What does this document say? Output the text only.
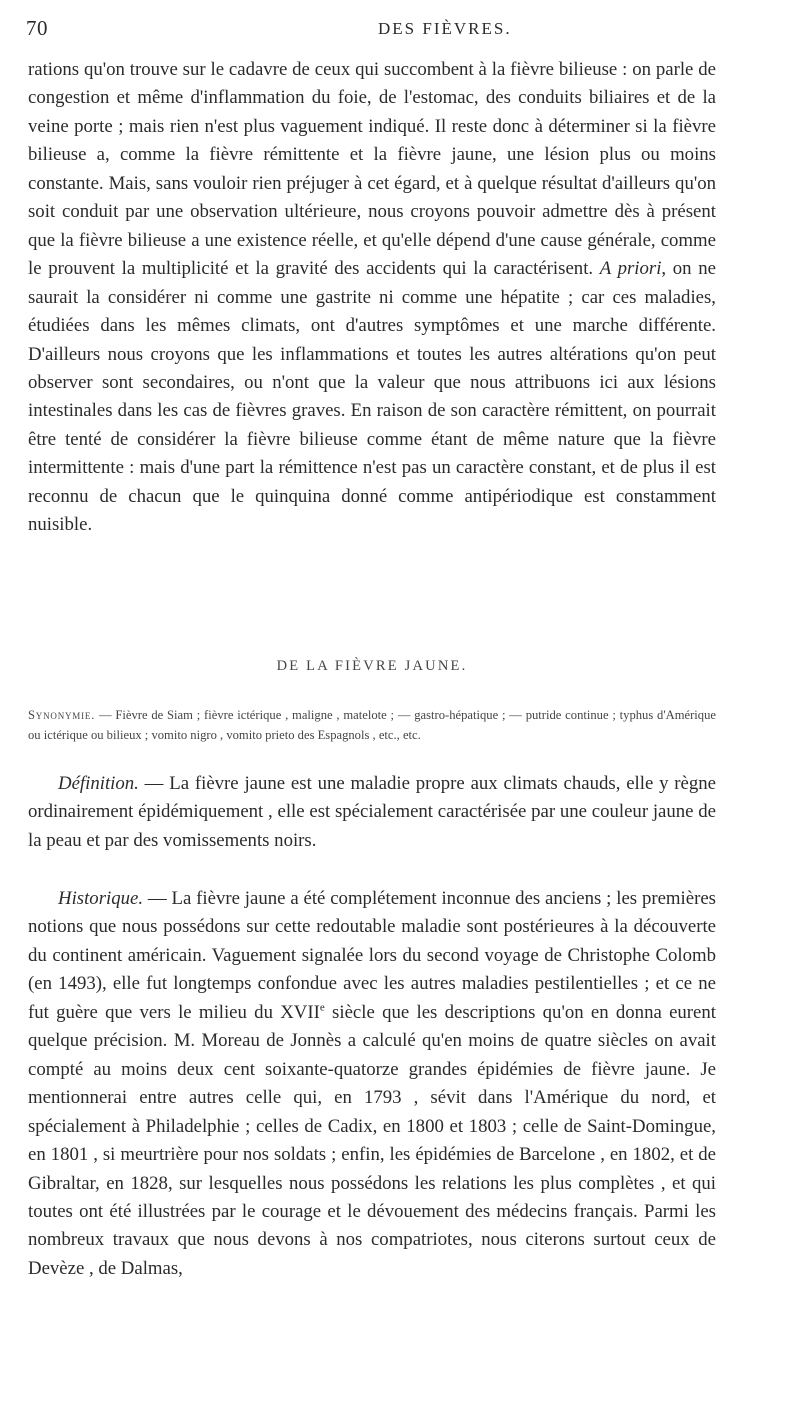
70	DES FIÈVRES.

rations qu'on trouve sur le cadavre de ceux qui succombent à la fièvre bilieuse : on parle de congestion et même d'inflammation du foie, de l'estomac, des conduits biliaires et de la veine porte ; mais rien n'est plus vaguement indiqué. Il reste donc à déterminer si la fièvre bilieuse a, comme la fièvre rémittente et la fièvre jaune, une lésion plus ou moins constante. Mais, sans vouloir rien préjuger à cet égard, et à quelque résultat d'ailleurs qu'on soit conduit par une observation ultérieure, nous croyons pouvoir admettre dès à présent que la fièvre bilieuse a une existence réelle, et qu'elle dépend d'une cause générale, comme le prouvent la multiplicité et la gravité des accidents qui la caractérisent. A priori, on ne saurait la considérer ni comme une gastrite ni comme une hépatite ; car ces maladies, étudiées dans les mêmes climats, ont d'autres symptômes et une marche différente. D'ailleurs nous croyons que les inflammations et toutes les autres altérations qu'on peut observer sont secondaires, ou n'ont que la valeur que nous attribuons ici aux lésions intestinales dans les cas de fièvres graves. En raison de son caractère rémittent, on pourrait être tenté de considérer la fièvre bilieuse comme étant de même nature que la fièvre intermittente : mais d'une part la rémittence n'est pas un caractère constant, et de plus il est reconnu de chacun que le quinquina donné comme antipériodique est constamment nuisible.

DE LA FIÈVRE JAUNE.
Synonymie. — Fièvre de Siam ; fièvre ictérique , maligne , matelote ; — gastro-hépatique ; — putride continue ; typhus d'Amérique ou ictérique ou bilieux ; vomito nigro , vomito prieto des Espagnols , etc., etc.

Définition. — La fièvre jaune est une maladie propre aux climats chauds, elle y règne ordinairement épidémiquement , elle est spécialement caractérisée par une couleur jaune de la peau et par des vomissements noirs.

Historique. — La fièvre jaune a été complétement inconnue des anciens ; les premières notions que nous possédons sur cette redoutable maladie sont postérieures à la découverte du continent américain. Vaguement signalée lors du second voyage de Christophe Colomb (en 1493), elle fut longtemps confondue avec les autres maladies pestilentielles ; et ce ne fut guère que vers le milieu du XVIIe siècle que les descriptions qu'on en donna eurent quelque précision. M. Moreau de Jonnès a calculé qu'en moins de quatre siècles on avait compté au moins deux cent soixante-quatorze grandes épidémies de fièvre jaune. Je mentionnerai entre autres celle qui, en 1793 , sévit dans l'Amérique du nord, et spécialement à Philadelphie ; celles de Cadix, en 1800 et 1803 ; celle de Saint-Domingue, en 1801 , si meurtrière pour nos soldats ; enfin, les épidémies de Barcelone , en 1802, et de Gibraltar, en 1828, sur lesquelles nous possédons les relations les plus complètes , et qui toutes ont été illustrées par le courage et le dévouement des médecins français. Parmi les nombreux travaux que nous devons à nos compatriotes, nous citerons surtout ceux de Devèze , de Dalmas,
